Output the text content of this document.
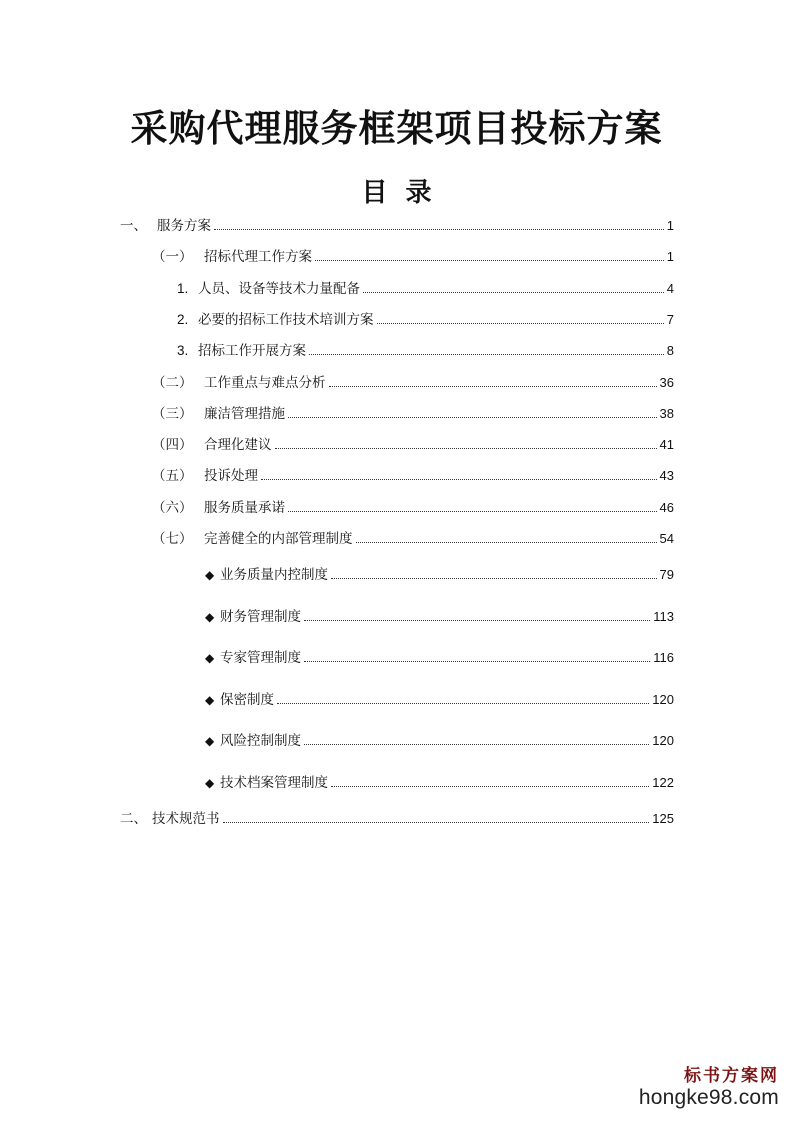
采购代理服务框架项目投标方案
目 录
一、 服务方案	1
（一） 招标代理工作方案	1
1. 人员、设备等技术力量配备	4
2. 必要的招标工作技术培训方案	7
3. 招标工作开展方案	8
（二） 工作重点与难点分析	36
（三） 廉洁管理措施	38
（四） 合理化建议	41
（五） 投诉处理	43
（六） 服务质量承诺	46
（七） 完善健全的内部管理制度	54
◆ 业务质量内控制度	79
◆ 财务管理制度	113
◆ 专家管理制度	116
◆ 保密制度	120
◆ 风险控制制度	120
◆ 技术档案管理制度	122
二、 技术规范书	125
标书方案网
hongke98.com
